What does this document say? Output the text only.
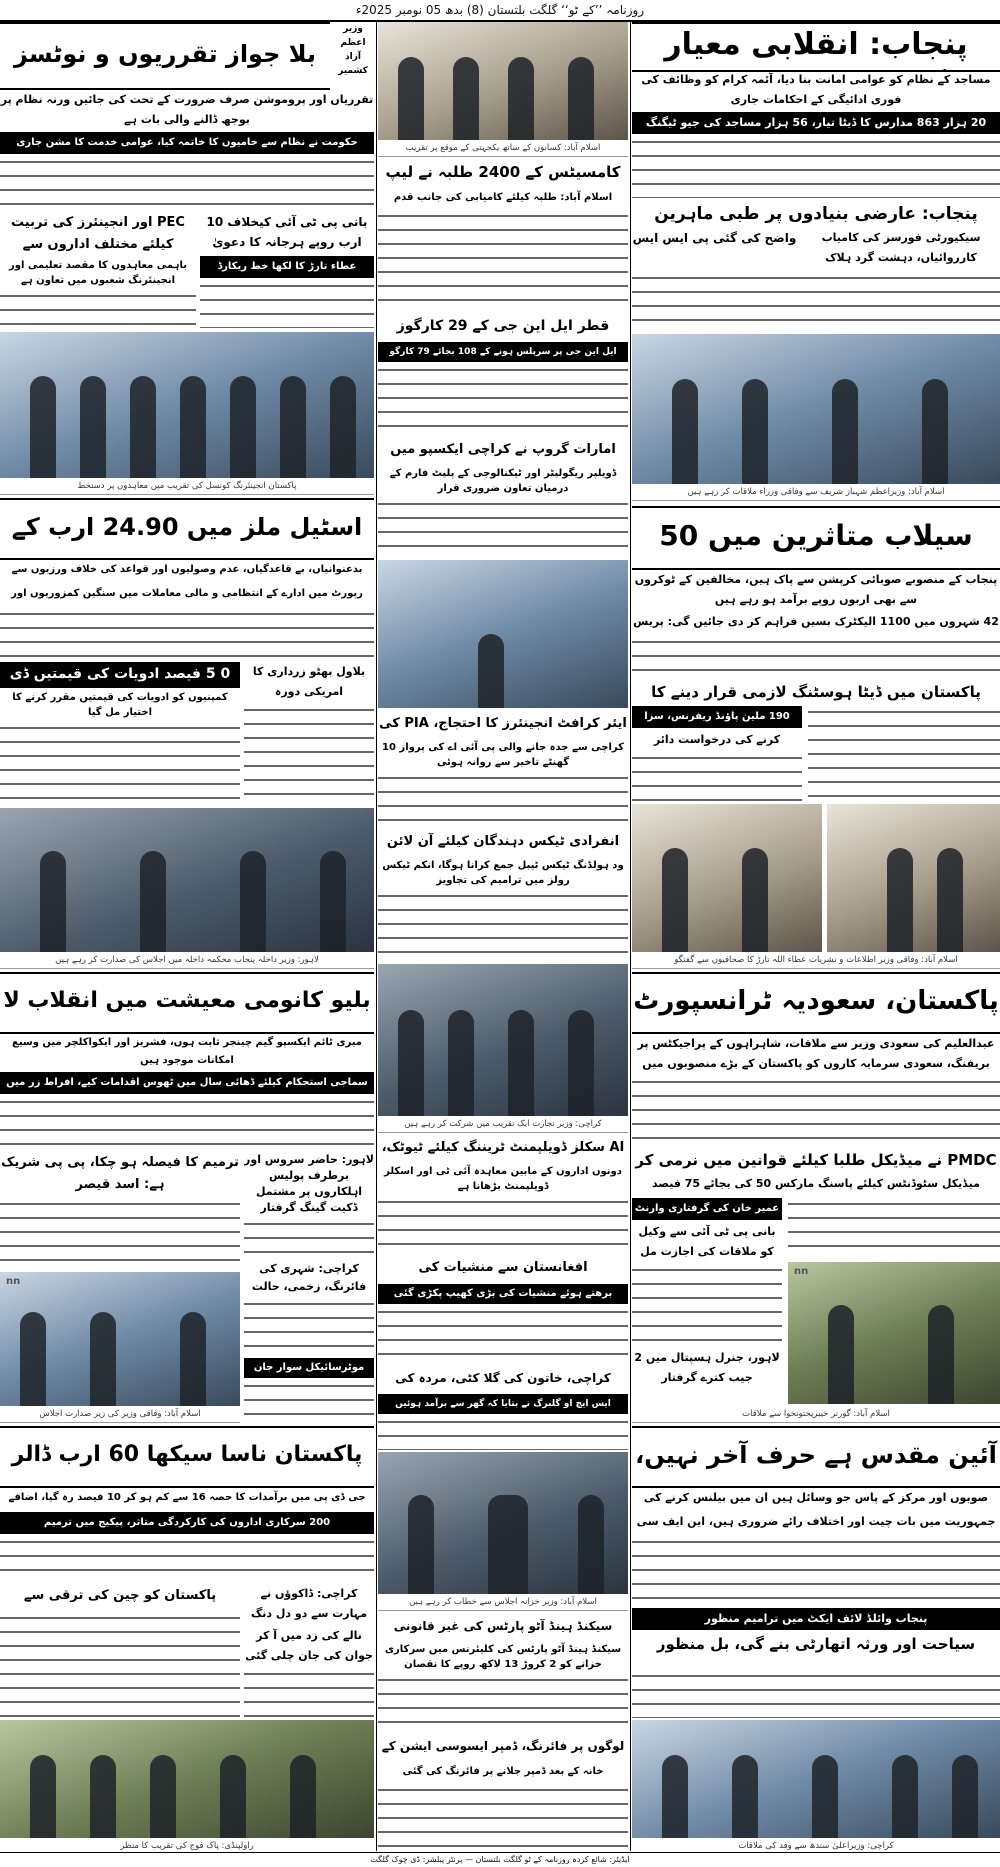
روزنامہ ’’کے ٹو‘‘ گلگت بلتستان (8) بدھ 05 نومبر 2025ء
پنجاب: انقلابی معیار
مساجد کے نظام کو عوامی امانت بنا دیا، آئمہ کرام کو وظائف کی فوری ادائیگی کے احکامات جاری
20 ہزار 863 مدارس کا ڈیٹا تیار، 56 ہزار مساجد کی جیو ٹیگنگ
پنجاب: عارضی بنیادوں پر طبی ماہرین
سیکیورٹی فورسز کی کامیاب کارروائیاں، دہشت گرد ہلاک
واضح کی گئی پی ایس ایس
اسلام آباد: وزیراعظم شہباز شریف سے وفاقی وزراء ملاقات کر رہے ہیں
سیلاب متاثرین میں 50
پنجاب کے منصوبے صوبائی کرپشن سے پاک ہیں، مخالفین کے ٹوکروں سے بھی اربوں روپے برآمد ہو رہے ہیں
42 شہروں میں 1100 الیکٹرک بسیں فراہم کر دی جائیں گی: پریس
پاکستان میں ڈیٹا ہوسٹنگ لازمی قرار دینے کا
190 ملین پاؤنڈ ریفرنس، سزا
کرنے کی درخواست دائر
اسلام آباد: وفاقی وزیر اطلاعات و نشریات عطاء اللہ تارڑ کا صحافیوں سے گفتگو
پاکستان، سعودیہ ٹرانسپورٹ
عبدالعلیم کی سعودی وزیر سے ملاقات، شاہراہوں کے پراجیکٹس پر بریفنگ، سعودی سرمایہ کاروں کو پاکستان کے بڑے منصوبوں میں
PMDC نے میڈیکل طلبا کیلئے قوانین میں نرمی کر
میڈیکل سٹوڈنٹس کیلئے پاسنگ مارکس 50 کی بجائے 75 فیصد
عمیر خان کی گرفتاری وارنٹ
بانی پی ٹی آئی سے وکیل کو ملاقات کی اجازت مل
لاہور، جنرل ہسپتال میں 2 جیب کترے گرفتار
nn
اسلام آباد: گورنر خیبرپختونخوا سے ملاقات
آئین مقدس ہے حرف آخر نہیں،
صوبوں اور مرکز کے پاس جو وسائل ہیں ان میں بیلنس کرنے کی
جمہوریت میں بات چیت اور اختلاف رائے ضروری ہیں، این ایف سی
پنجاب وائلڈ لائف ایکٹ میں ترامیم منظور
سیاحت اور ورثہ اتھارٹی بنے گی، بل منظور
کراچی: وزیراعلیٰ سندھ سے وفد کی ملاقات
اسلام آباد: کسانوں کے ساتھ یکجہتی کے موقع پر تقریب
کامسیٹس کے 2400 طلبہ نے لیپ
اسلام آباد: طلبہ کیلئے کامیابی کی جانب قدم
قطر ایل این جی کے 29 کارگوز
ایل این جی پر سرپلس ہونے کے 108 بجائے 79 کارگو
امارات گروپ نے کراچی ایکسپو میں
ڈویلپر ریگولیٹر اور ٹیکنالوجی کے پلیٹ فارم کے درمیان تعاون ضروری قرار
ایئر کرافٹ انجینئرز کا احتجاج، PIA کی
کراچی سے جدہ جانے والی پی آئی اے کی پرواز 10 گھنٹے تاخیر سے روانہ ہوئی
انفرادی ٹیکس دہندگان کیلئے آن لائن
ود ہولڈنگ ٹیکس ٹیبل جمع کرانا ہوگا، انکم ٹیکس رولز میں ترامیم کی تجاویز
کراچی: وزیر تجارت ایک تقریب میں شرکت کر رہے ہیں
AI سکلز ڈویلپمنٹ ٹریننگ کیلئے ٹیوٹک،
دونوں اداروں کے مابین معاہدہ آئی ٹی اور اسکلز ڈویلپمنٹ بڑھانا ہے
افغانستان سے منشیات کی
برھتے ہوئے منشیات کی بڑی کھیپ پکڑی گئی
کراچی، خاتون کی گلا کٹی، مردہ کی
ایس ایچ او گلبرگ نے بتایا کہ گھر سے برآمد ہوئیں
اسلام آباد: وزیر خزانہ اجلاس سے خطاب کر رہے ہیں
سیکنڈ ہینڈ آٹو پارٹس کی غیر قانونی
سیکنڈ ہینڈ آٹو پارٹس کی کلیئرنس میں سرکاری خزانے کو 2 کروڑ 13 لاکھ روپے کا نقصان
لوگوں پر فائرنگ، ڈمپر ایسوسی ایشن کے
خانہ کے بعد ڈمپر جلانے پر فائرنگ کی گئی
بلا جواز تقرریوں و نوٹسز
وزیر اعظم آزاد کشمیر
تقرریاں اور پروموشن صرف ضرورت کے تحت کی جائیں ورنہ نظام پر بوجھ ڈالنے والی بات ہے
حکومت نے نظام سے خامیوں کا خاتمہ کیا، عوامی خدمت کا مشن جاری
بانی پی ٹی آئی کیخلاف 10 ارب روپے ہرجانہ کا دعویٰ
عطاء تارڑ کا لکھا خط ریکارڈ
PEC اور انجینئرز کی تربیت کیلئے مختلف اداروں سے
باہمی معاہدوں کا مقصد تعلیمی اور انجینئرنگ شعبوں میں تعاون ہے
پاکستان انجینئرنگ کونسل کی تقریب میں معاہدوں پر دستخط
اسٹیل ملز میں 24.90 ارب کے
بدعنوانیاں، بے قاعدگیاں، عدم وصولیوں اور قواعد کی خلاف ورزیوں سے
رپورٹ میں ادارے کے انتظامی و مالی معاملات میں سنگین کمزوریوں اور
0 5 فیصد ادویات کی قیمتیں ڈی
کمپنیوں کو ادویات کی قیمتیں مقرر کرنے کا اختیار مل گیا
بلاول بھٹو زرداری کا امریکی دورہ
لاہور: وزیر داخلہ پنجاب محکمہ داخلہ میں اجلاس کی صدارت کر رہے ہیں
بلیو کانومی معیشت میں انقلاب لا
میری ٹائم ایکسپو گیم چینجر ثابت ہوں، فشریز اور ایکواکلچر میں وسیع امکانات موجود ہیں
سماجی استحکام کیلئے ڈھائی سال میں ٹھوس اقدامات کیے، افراط زر میں
ترمیم کا فیصلہ ہو چکا، پی پی شریک ہے: اسد قیصر
لاہور: حاضر سروس اور برطرف پولیس اہلکاروں پر مشتمل ڈکیت گینگ گرفتار
کراچی: شہری کی فائرنگ، زخمی، حالت
موٹرسائیکل سوار جان
nn
اسلام آباد: وفاقی وزیر کی زیر صدارت اجلاس
پاکستان ناسا سیکھا 60 ارب ڈالر
جی ڈی پی میں برآمدات کا حصہ 16 سے کم ہو کر 10 فیصد رہ گیا، اضافے
200 سرکاری اداروں کی کارکردگی متاثر، پیکیج میں ترمیم
پاکستان کو چین کی ترقی سے	کراچی: ڈاکوؤں نے مہارت سے دو دل دنگ
نالے کی زد میں آ کر جوان کی جان چلی گئی
راولپنڈی: پاک فوج کی تقریب کا منظر
ایڈیٹر: شائع کردہ روزنامہ کے ٹو گلگت بلتستان — پرنٹر پبلشر: ڈی چوک گلگت
